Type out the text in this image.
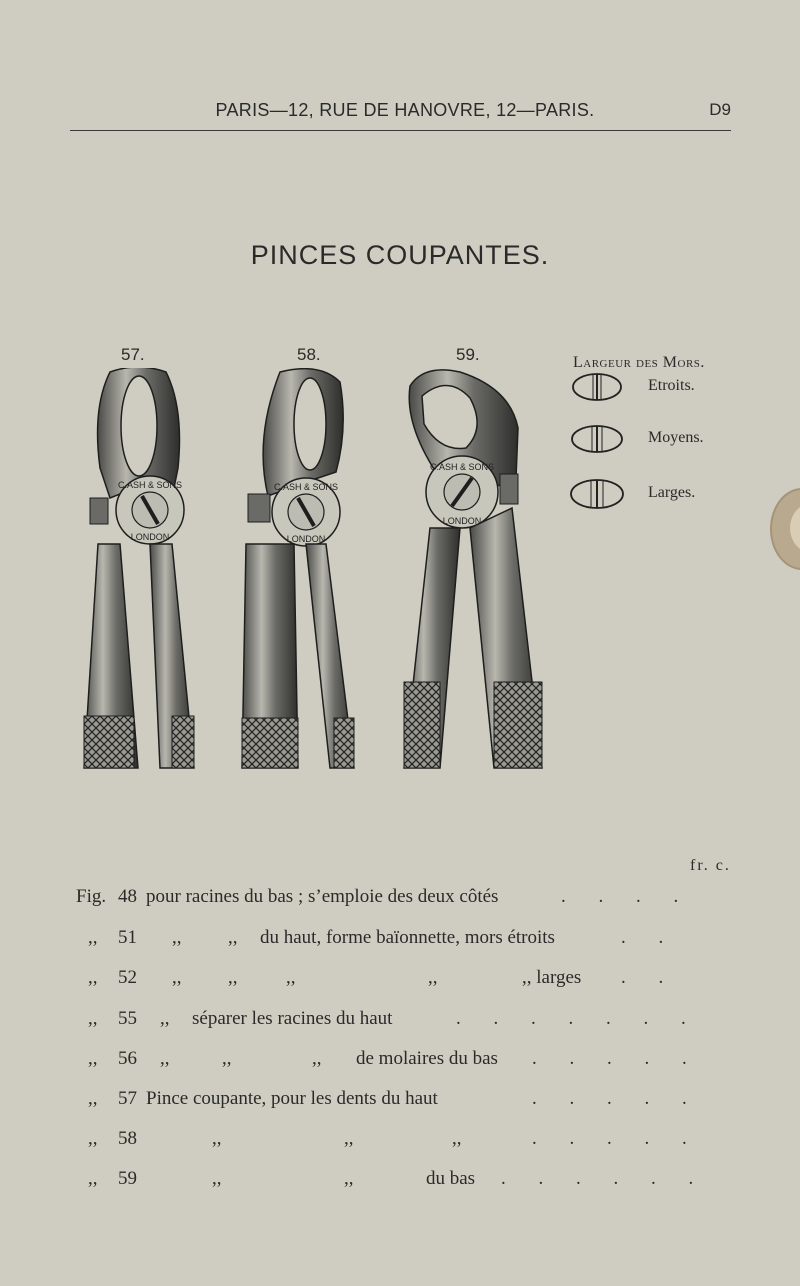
PARIS—12, RUE DE HANOVRE, 12—PARIS.	D9
PINCES COUPANTES.
57.	58.	59.
C.ASH & SONS
LONDON
C.ASH & SONS
LONDON
C.ASH & SONS
LONDON
Largeur des Mors.
Etroits.
Moyens.
Larges.
fr. c.
Fig. 48 pour racines du bas ; s’emploie des deux côtés	. . . .
,, 51 ,, ,, du haut, forme baïonnette, mors étroits	. .
,, 52 ,, ,,	,,	,,	,, larges . .
,, 55 ,, séparer les racines du haut	. . . . . . .
,, 56 ,,	,,	,, de molaires du bas . . . . .
,, 57 Pince coupante, pour les dents du haut	. . . . .
,, 58	,,	,,	,,	. . . . .
,, 59	,,	,,	du bas . . . . . .
